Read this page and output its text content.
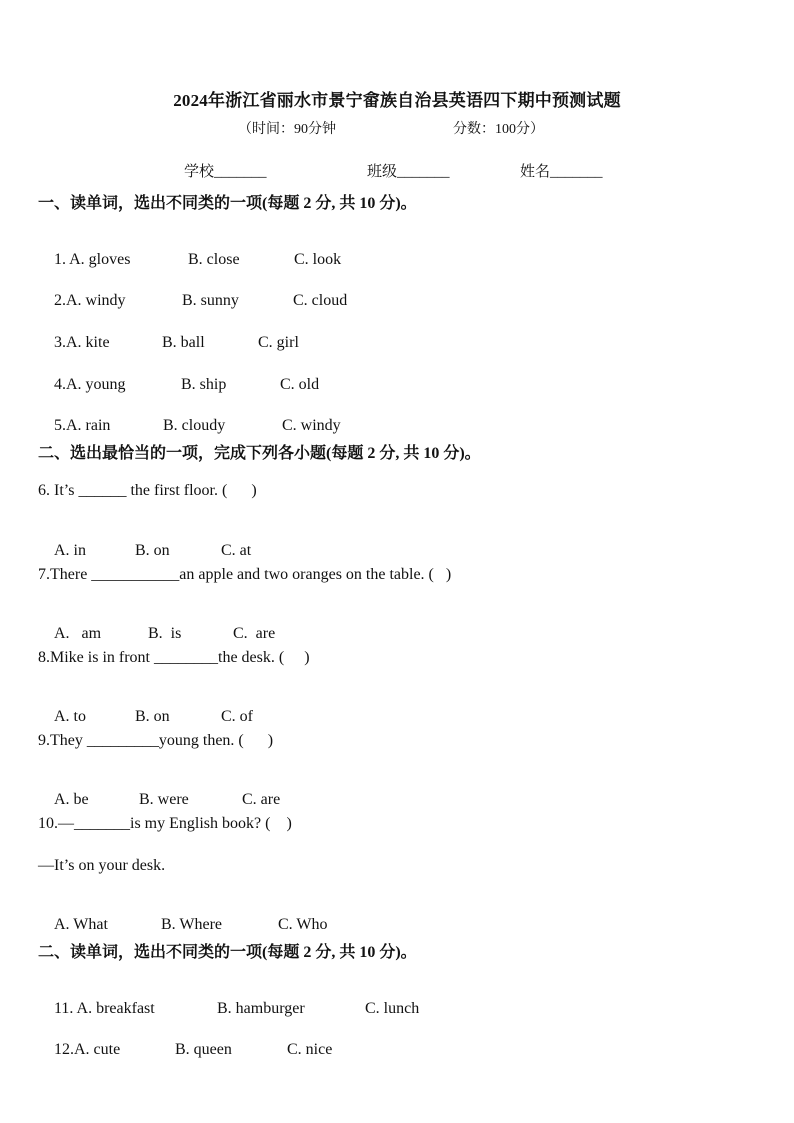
2024年浙江省丽水市景宁畲族自治县英语四下期中预测试题
（时间：90分钟	分数：100分）
学校_______	班级_______	姓名_______
一、读单词，选出不同类的一项(每题 2 分, 共 10 分)。

1. A. gloves	B. close	C. look

2.A. windy	B. sunny	C. cloud

3.A. kite	B. ball	C. girl

4.A. young	B. ship	C. old

5.A. rain	B. cloudy	C. windy

二、选出最恰当的一项，完成下列各小题(每题 2 分, 共 10 分)。
6. It’s ______ the first floor. (      )

A. in	B. on	C. at

7.There ___________an apple and two oranges on the table. (   )

A.   am	B.  is	C.  are

8.Mike is in front ________the desk. (     )

A. to	B. on	C. of

9.They _________young then. (      )

A. be	B. were	C. are

10.—_______is my English book? (    )
—It’s on your desk.

A. What	B. Where	C. Who

二、读单词，选出不同类的一项(每题 2 分, 共 10 分)。

11. A. breakfast	B. hamburger	C. lunch

12.A. cute	B. queen	C. nice
